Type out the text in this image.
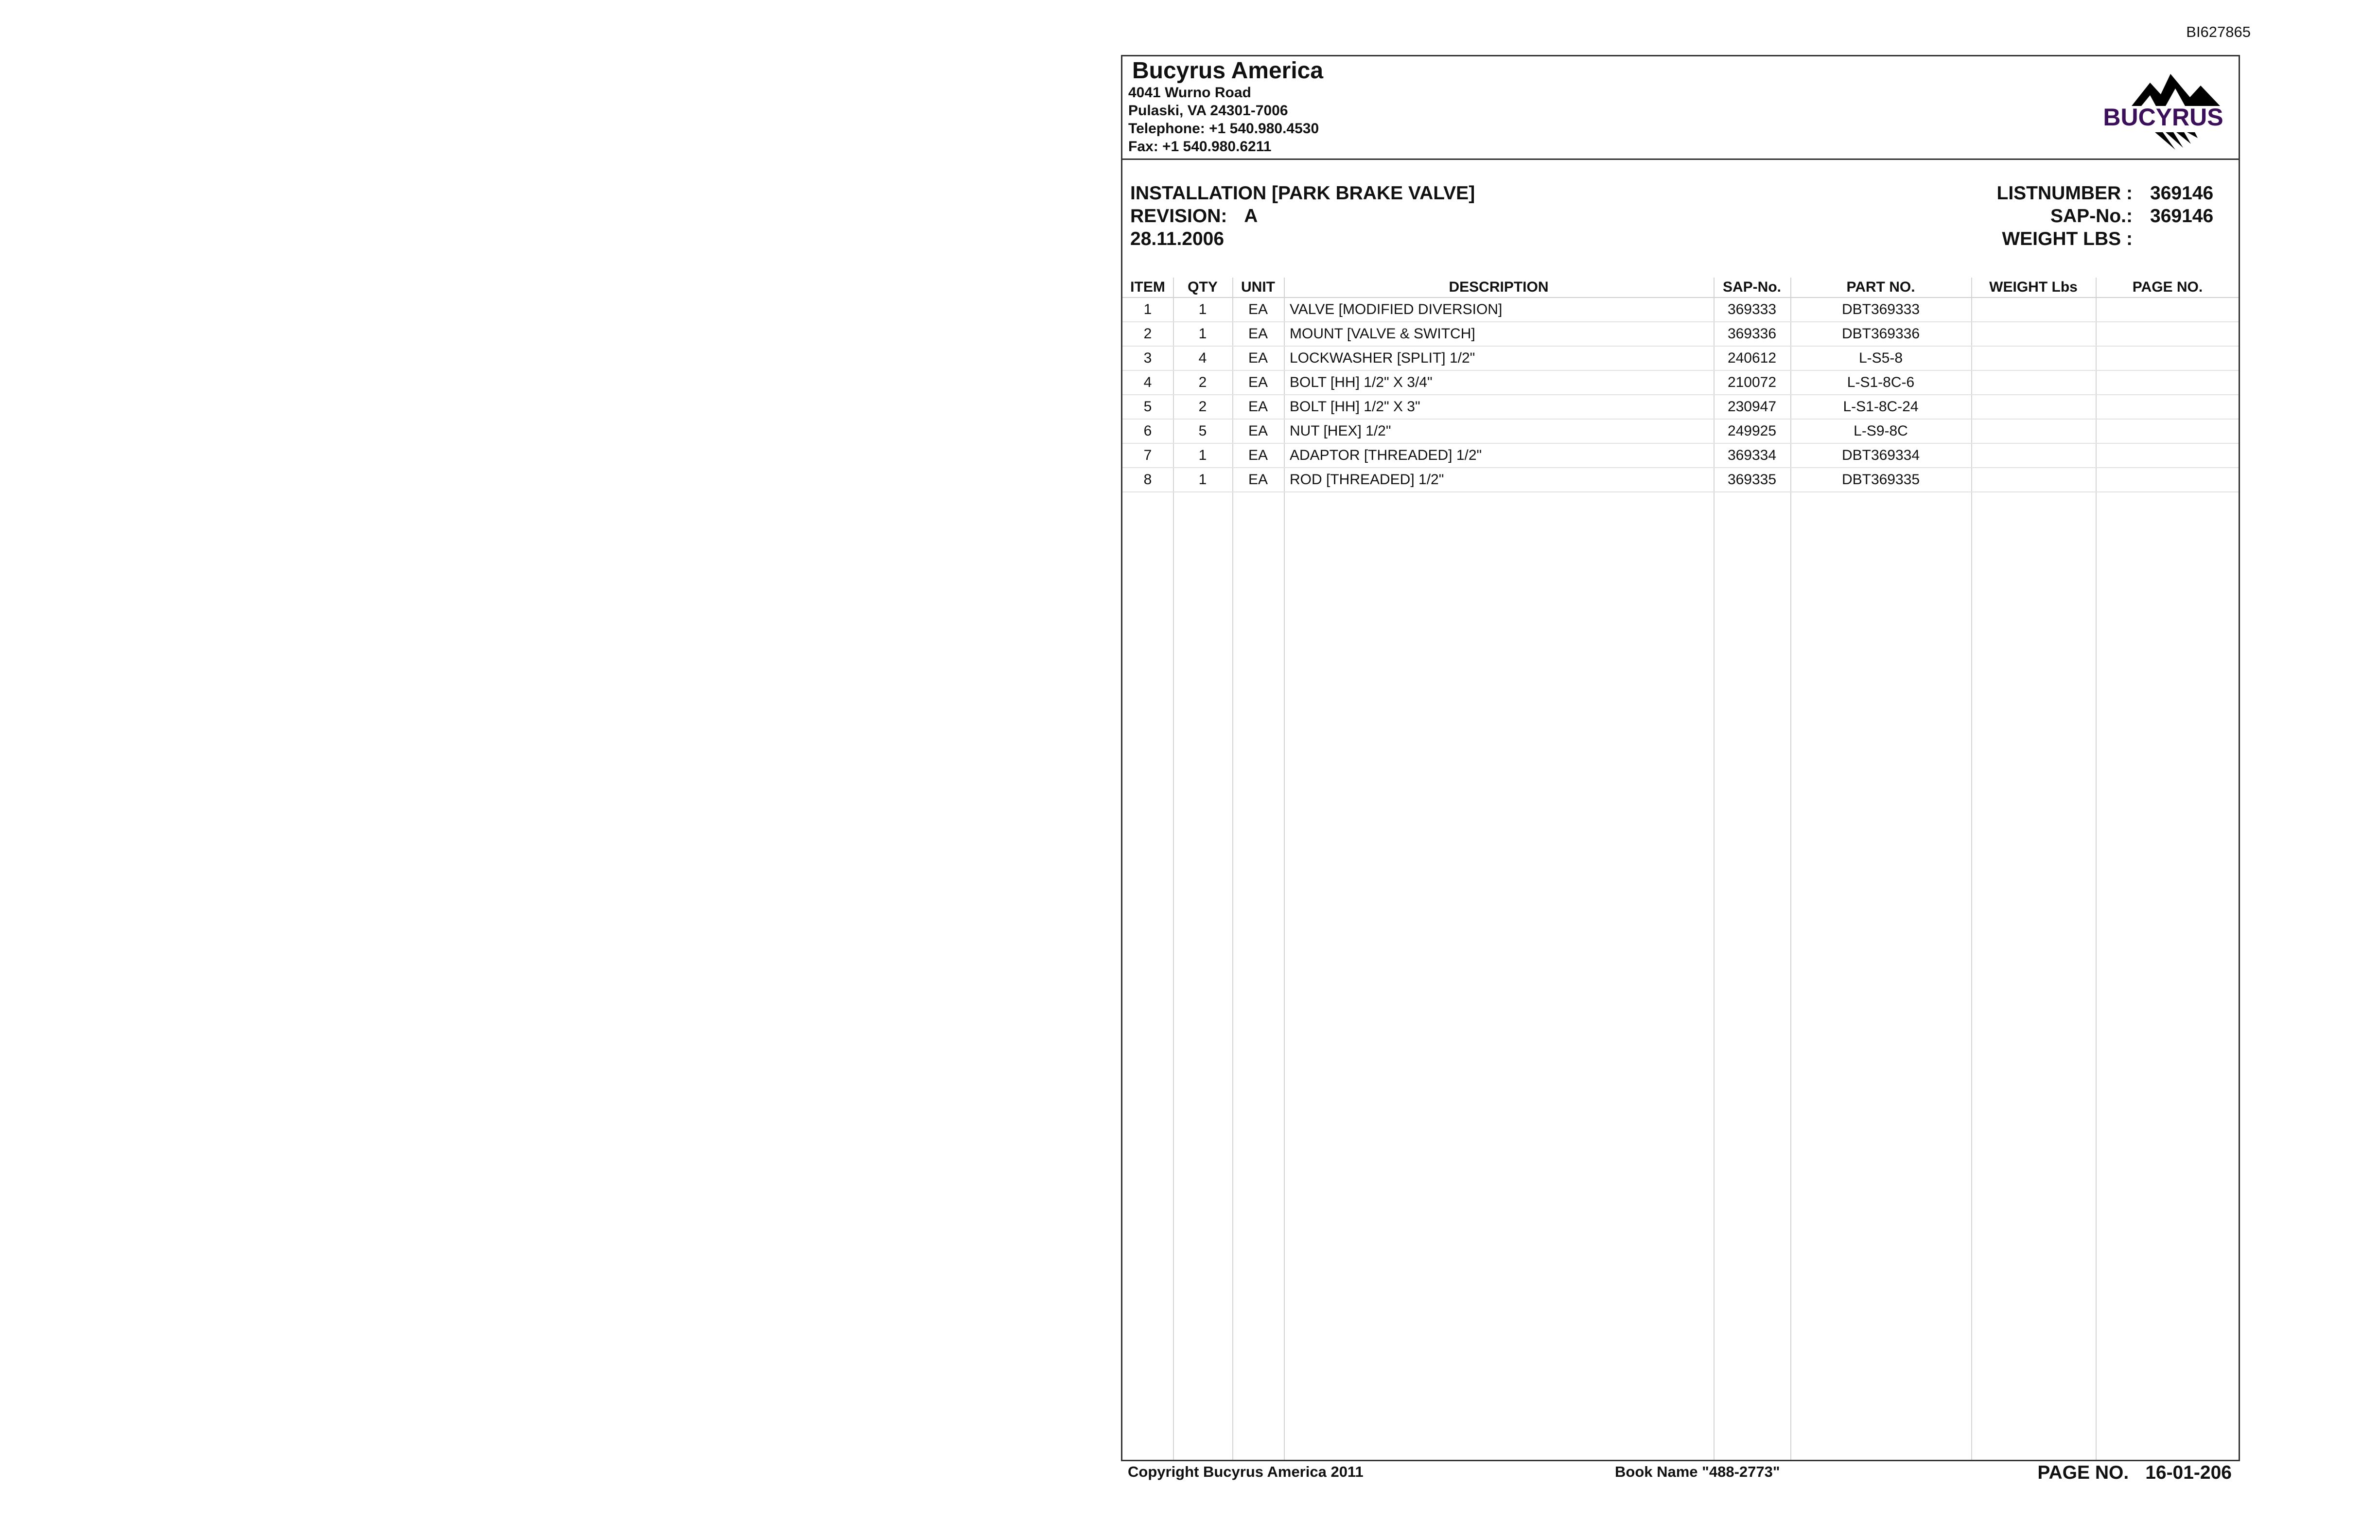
BI627865
Bucyrus America
4041 Wurno Road
Pulaski, VA 24301-7006
Telephone: +1 540.980.4530
Fax: +1 540.980.6211
BUCYRUS
INSTALLATION [PARK BRAKE VALVE]
REVISION: A
28.11.2006
LISTNUMBER : 369146
SAP-No.: 369146
WEIGHT LBS :
ITEM	QTY	UNIT	DESCRIPTION	SAP-No.	PART NO.	WEIGHT Lbs	PAGE NO.
1	1	EA	VALVE [MODIFIED DIVERSION]	369333	DBT369333
2	1	EA	MOUNT [VALVE & SWITCH]	369336	DBT369336
3	4	EA	LOCKWASHER [SPLIT] 1/2"	240612	L-S5-8
4	2	EA	BOLT [HH] 1/2" X 3/4"	210072	L-S1-8C-6
5	2	EA	BOLT [HH] 1/2" X 3"	230947	L-S1-8C-24
6	5	EA	NUT [HEX] 1/2"	249925	L-S9-8C
7	1	EA	ADAPTOR [THREADED] 1/2"	369334	DBT369334
8	1	EA	ROD [THREADED] 1/2"	369335	DBT369335
Copyright Bucyrus America 2011	Book Name "488-2773"	PAGE NO. 16-01-206
